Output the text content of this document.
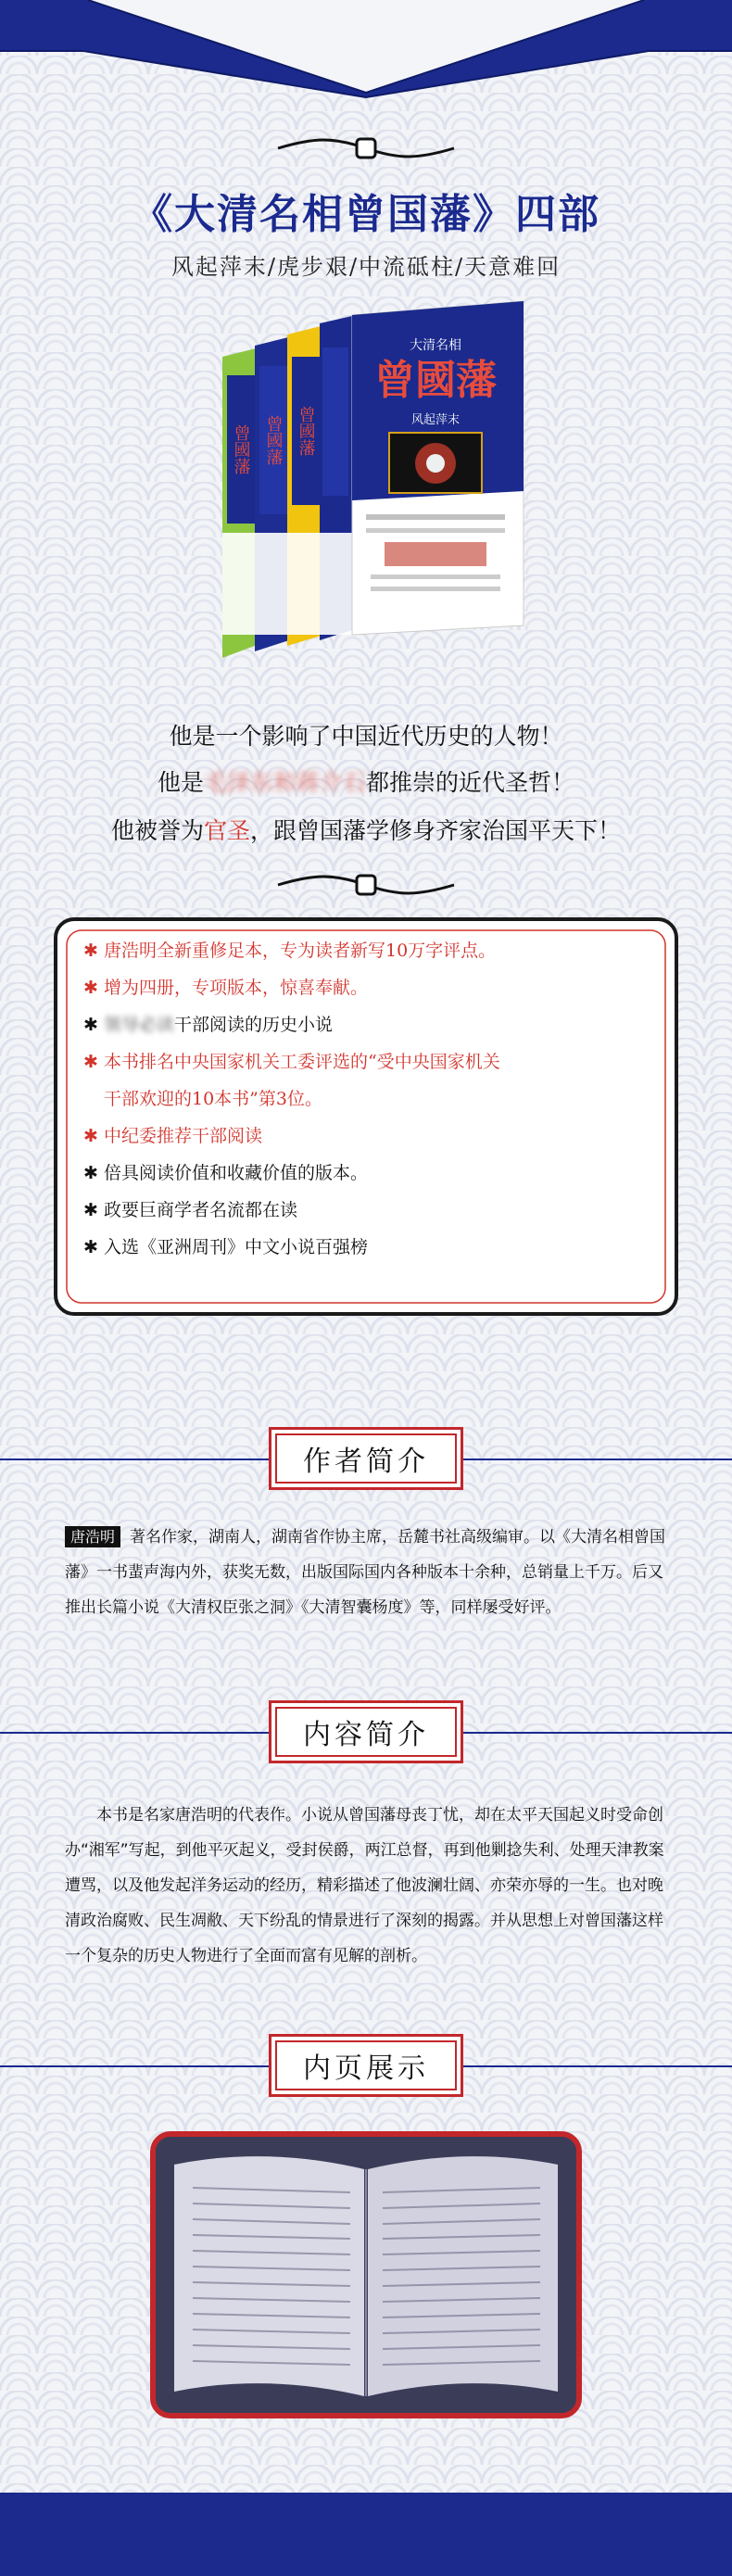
《大清名相曾国藩》四部
风起萍末/虎步艰/中流砥柱/天意难回
曾國藩 曾國藩 曾國藩
大清名相
曾國藩
风起萍末
他是一个影响了中国近代历史的人物！
他是毛泽东和蒋介石都推崇的近代圣哲！
他被誉为官圣，跟曾国藩学修身齐家治国平天下！
✱ 唐浩明全新重修足本，专为读者新写10万字评点。
✱ 增为四册，专项版本，惊喜奉献。
✱ 领导必读干部阅读的历史小说
✱ 本书排名中央国家机关工委评选的“受中央国家机关
干部欢迎的10本书”第3位。
✱ 中纪委推荐干部阅读
✱ 倍具阅读价值和收藏价值的版本。
✱ 政要巨商学者名流都在读
✱ 入选《亚洲周刊》中文小说百强榜
作者简介
唐浩明 著名作家，湖南人，湖南省作协主席，岳麓书社高级编审。以《大清名相曾国藩》一书蜚声海内外，获奖无数，出版国际国内各种版本十余种，总销量上千万。后又推出长篇小说《大清权臣张之洞》《大清智囊杨度》等，同样屡受好评。
内容简介
本书是名家唐浩明的代表作。小说从曾国藩母丧丁忧，却在太平天国起义时受命创办“湘军”写起，到他平灭起义，受封侯爵，两江总督，再到他剿捻失利、处理天津教案遭骂，以及他发起洋务运动的经历，精彩描述了他波澜壮阔、亦荣亦辱的一生。也对晚清政治腐败、民生凋敝、天下纷乱的情景进行了深刻的揭露。并从思想上对曾国藩这样一个复杂的历史人物进行了全面而富有见解的剖析。
内页展示
